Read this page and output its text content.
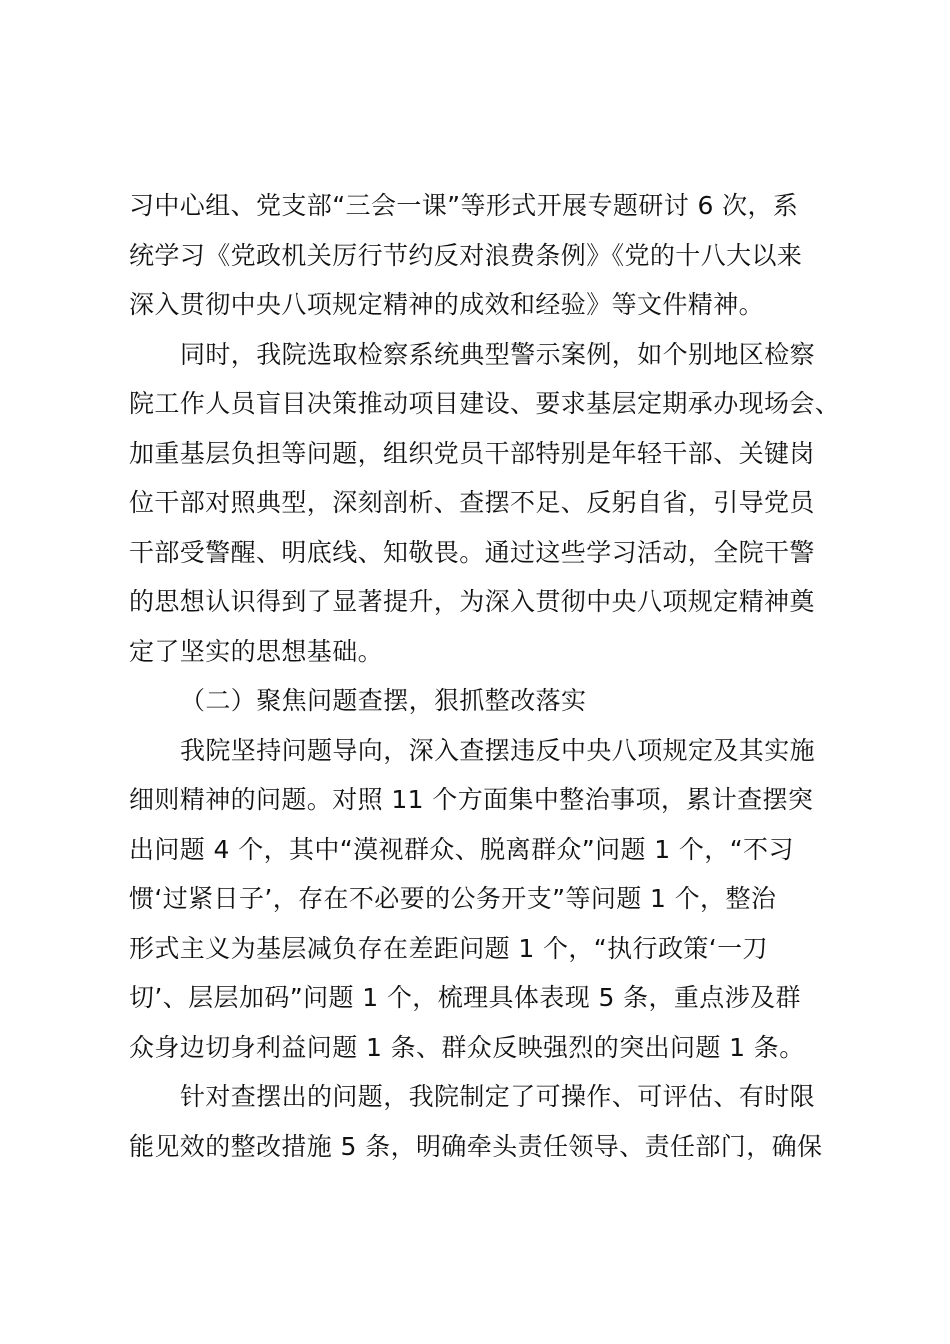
习中心组、党支部“三会一课”等形式开展专题研讨 6 次，系
统学习《党政机关厉行节约反对浪费条例》《党的十八大以来
深入贯彻中央八项规定精神的成效和经验》等文件精神。
同时，我院选取检察系统典型警示案例，如个别地区检察
院工作人员盲目决策推动项目建设、要求基层定期承办现场会、
加重基层负担等问题，组织党员干部特别是年轻干部、关键岗
位干部对照典型，深刻剖析、查摆不足、反躬自省，引导党员
干部受警醒、明底线、知敬畏。通过这些学习活动，全院干警
的思想认识得到了显著提升，为深入贯彻中央八项规定精神奠
定了坚实的思想基础。
（二）聚焦问题查摆，狠抓整改落实
我院坚持问题导向，深入查摆违反中央八项规定及其实施
细则精神的问题。对照 11 个方面集中整治事项，累计查摆突
出问题 4 个，其中“漠视群众、脱离群众”问题 1 个，“不习
惯‘过紧日子’，存在不必要的公务开支”等问题 1 个，整治
形式主义为基层减负存在差距问题 1 个，“执行政策‘一刀
切’、层层加码”问题 1 个，梳理具体表现 5 条，重点涉及群
众身边切身利益问题 1 条、群众反映强烈的突出问题 1 条。
针对查摆出的问题，我院制定了可操作、可评估、有时限
能见效的整改措施 5 条，明确牵头责任领导、责任部门，确保
